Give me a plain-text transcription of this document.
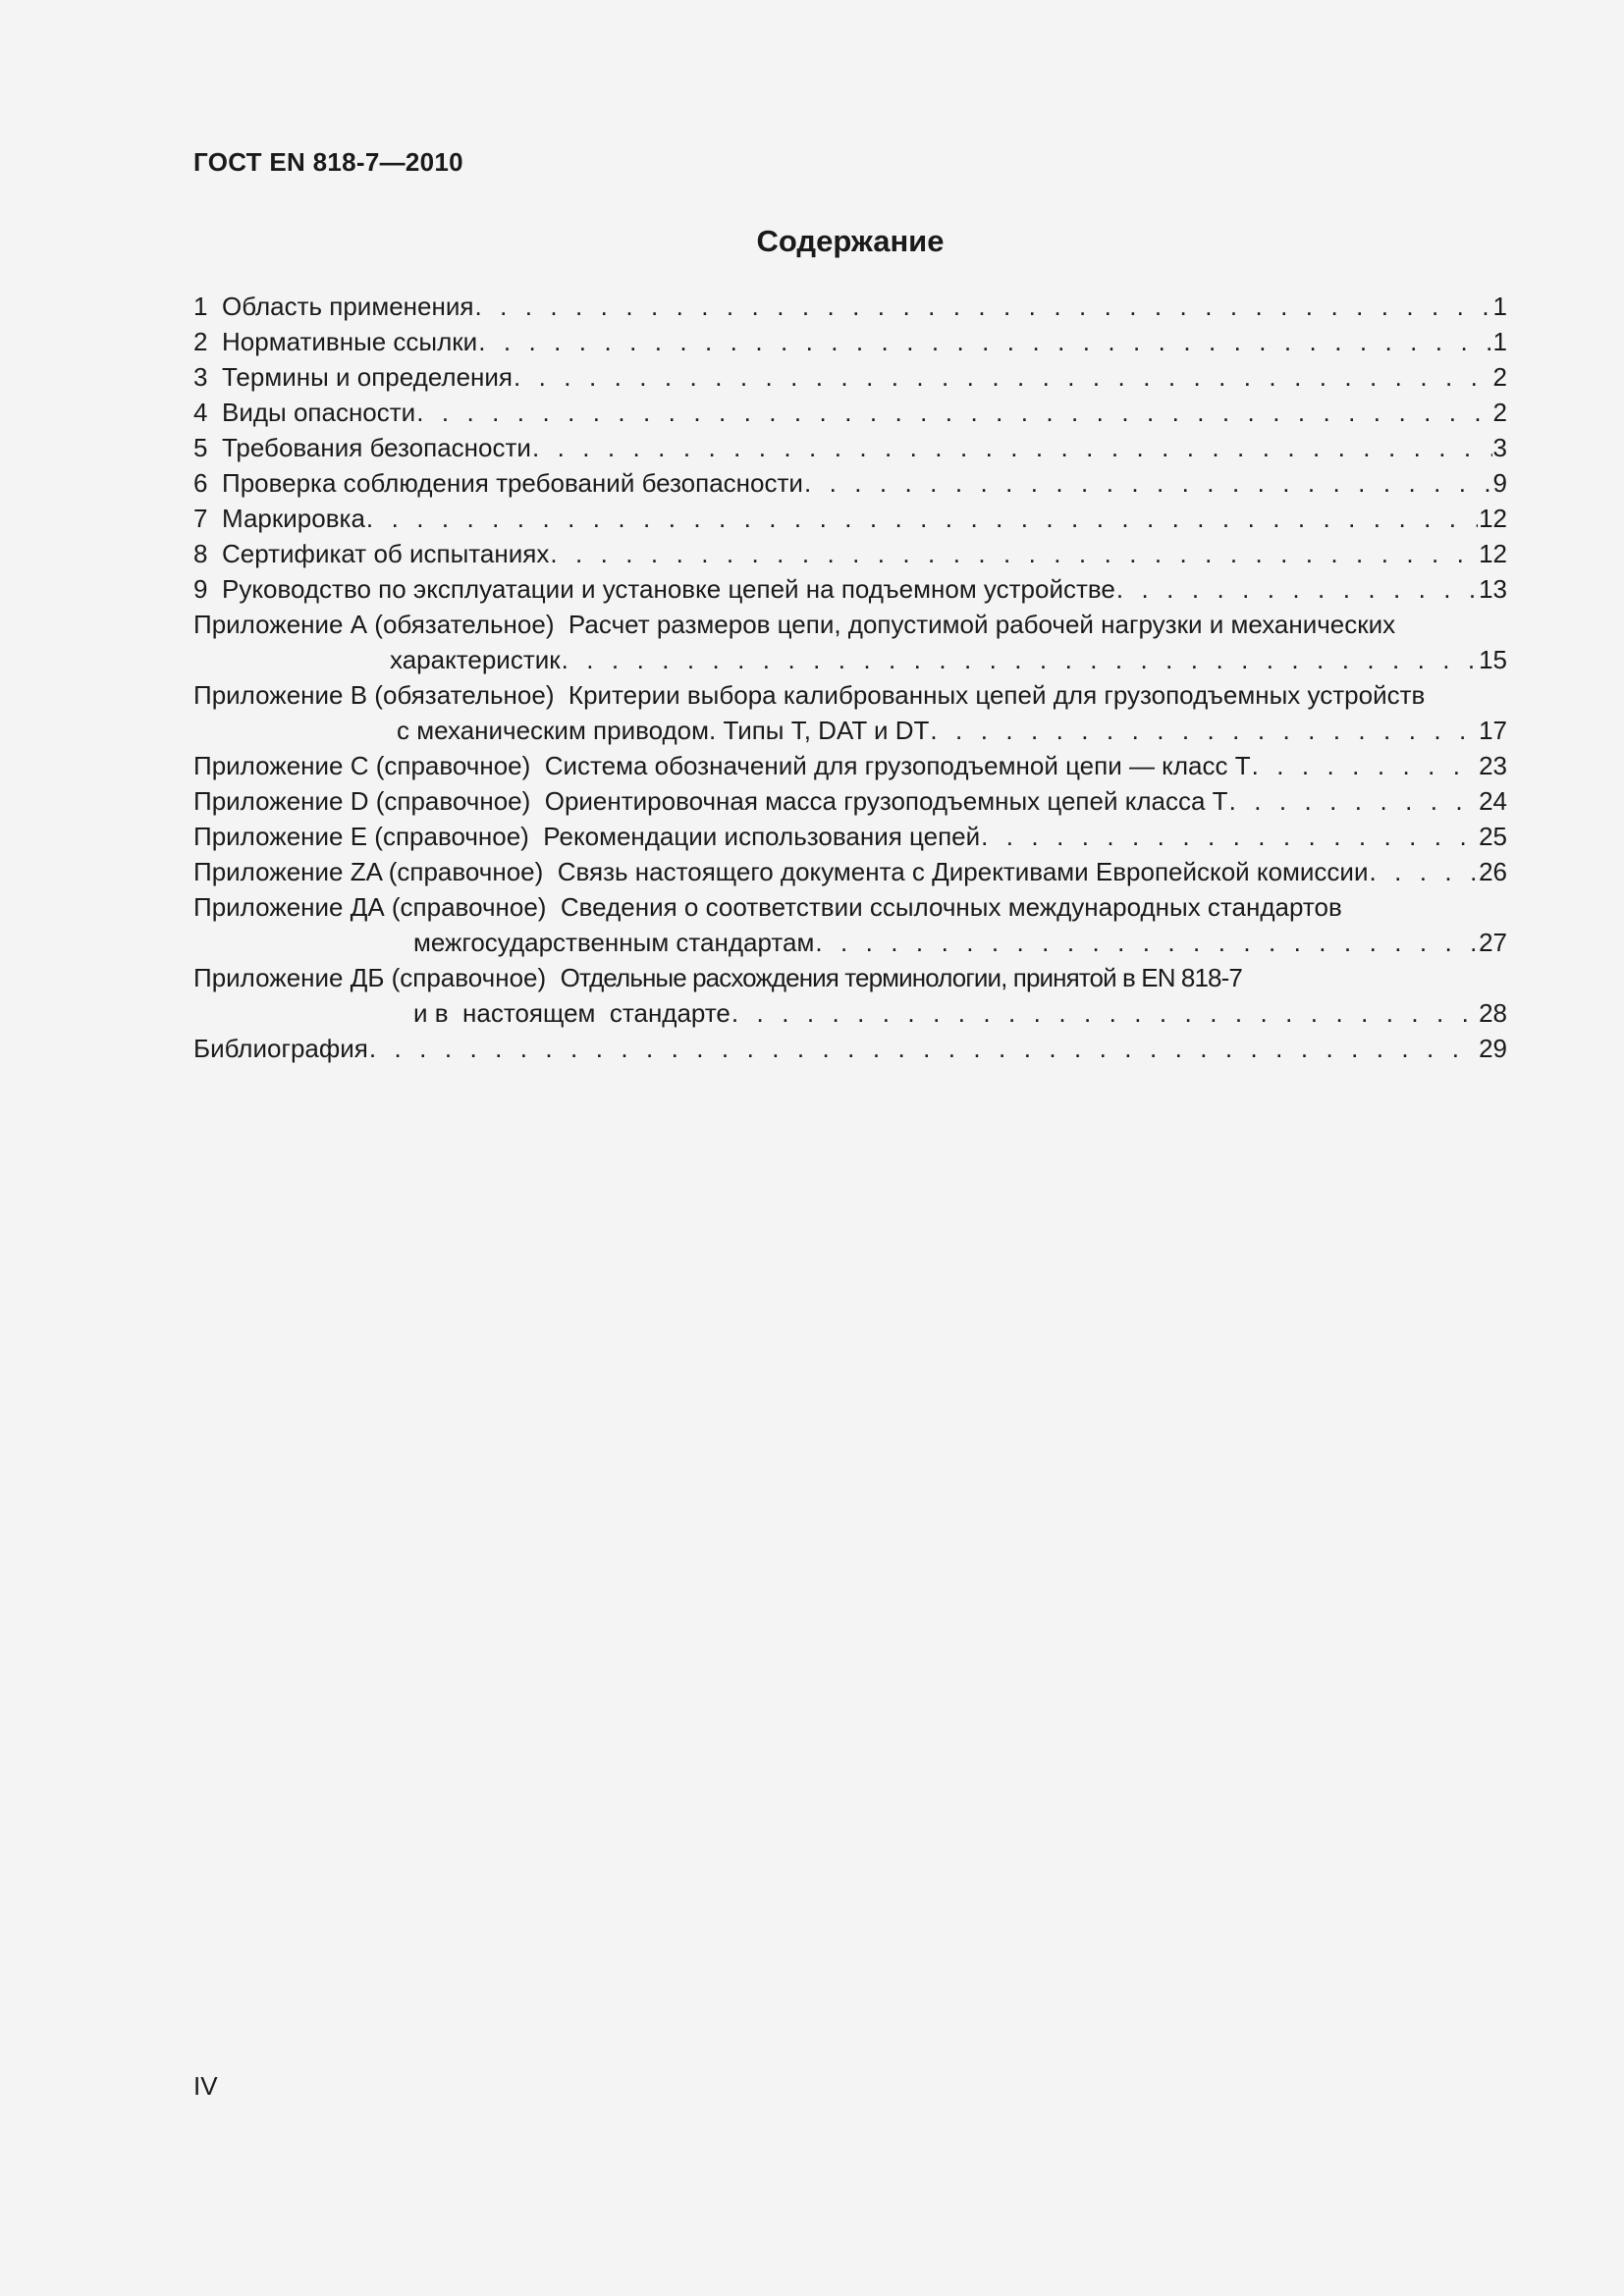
ГОСТ EN 818-7—2010
Содержание
1 Область применения . . .	1
2 Нормативные ссылки . . .	1
3 Термины и определения . . .	2
4 Виды опасности . . .	2
5 Требования безопасности . . .	3
6 Проверка соблюдения требований безопасности . . .	9
7 Маркировка . . .	12
8 Сертификат об испытаниях . . .	12
9 Руководство по эксплуатации и установке цепей на подъемном устройстве . . .	13
Приложение А (обязательное)  Расчет размеров цепи, допустимой рабочей нагрузки и механических
характеристик . . .	15
Приложение В (обязательное)  Критерии выбора калиброванных цепей для грузоподъемных устройств
с механическим приводом. Типы T, DAT и DT . . .	17
Приложение С (справочное)  Система обозначений для грузоподъемной цепи — класс Т . . .	23
Приложение D (справочное)  Ориентировочная масса грузоподъемных цепей класса Т . . .	24
Приложение Е (справочное)  Рекомендации использования цепей . . .	25
Приложение ZA (справочное)  Связь настоящего документа с Директивами Европейской комиссии . . .	26
Приложение ДА (справочное)  Сведения о соответствии ссылочных международных стандартов
межгосударственным стандартам . . .	27
Приложение ДБ (справочное)  Отдельные расхождения терминологии, принятой в EN 818-7
и в  настоящем  стандарте . . .	28
Библиография . . .	29
IV
